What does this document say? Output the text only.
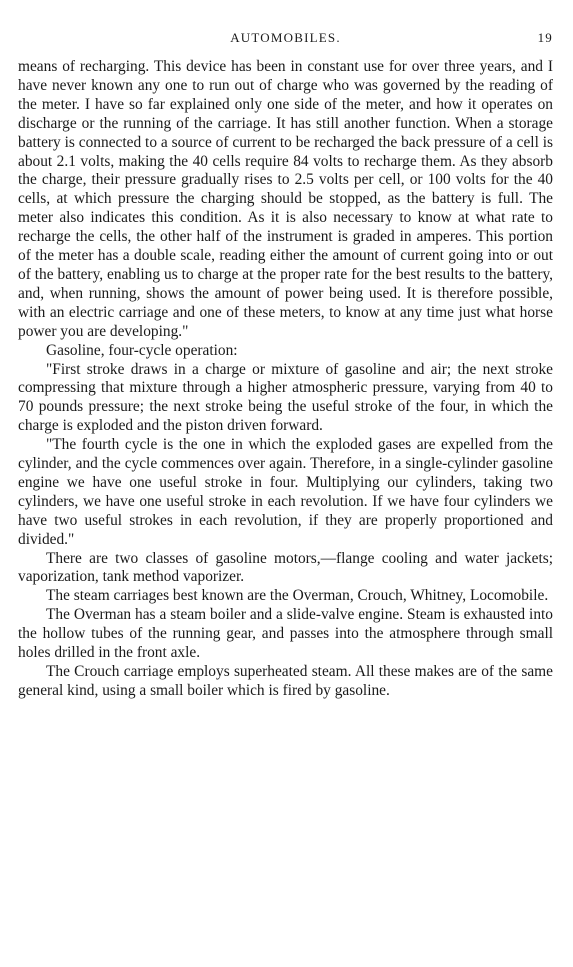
AUTOMOBILES.	19

means of recharging. This device has been in constant use for over three years, and I have never known any one to run out of charge who was governed by the reading of the meter. I have so far explained only one side of the meter, and how it operates on discharge or the running of the carriage. It has still another function. When a storage battery is connected to a source of current to be recharged the back pressure of a cell is about 2.1 volts, making the 40 cells require 84 volts to recharge them. As they absorb the charge, their pressure gradually rises to 2.5 volts per cell, or 100 volts for the 40 cells, at which pressure the charging should be stopped, as the battery is full. The meter also indicates this condition. As it is also necessary to know at what rate to recharge the cells, the other half of the instrument is graded in amperes. This portion of the meter has a double scale, reading either the amount of current going into or out of the battery, enabling us to charge at the proper rate for the best results to the battery, and, when running, shows the amount of power being used. It is therefore possible, with an electric carriage and one of these meters, to know at any time just what horse power you are developing."

Gasoline, four-cycle operation:

"First stroke draws in a charge or mixture of gasoline and air; the next stroke compressing that mixture through a higher atmospheric pressure, varying from 40 to 70 pounds pressure; the next stroke being the useful stroke of the four, in which the charge is exploded and the piston driven forward.

"The fourth cycle is the one in which the exploded gases are expelled from the cylinder, and the cycle commences over again. Therefore, in a single-cylinder gasoline engine we have one useful stroke in four. Multiplying our cylinders, taking two cylinders, we have one useful stroke in each revolution. If we have four cylinders we have two useful strokes in each revolution, if they are properly proportioned and divided."

There are two classes of gasoline motors,—flange cooling and water jackets; vaporization, tank method vaporizer.

The steam carriages best known are the Overman, Crouch, Whitney, Locomobile.

The Overman has a steam boiler and a slide-valve engine. Steam is exhausted into the hollow tubes of the running gear, and passes into the atmosphere through small holes drilled in the front axle.

The Crouch carriage employs superheated steam. All these makes are of the same general kind, using a small boiler which is fired by gasoline.
